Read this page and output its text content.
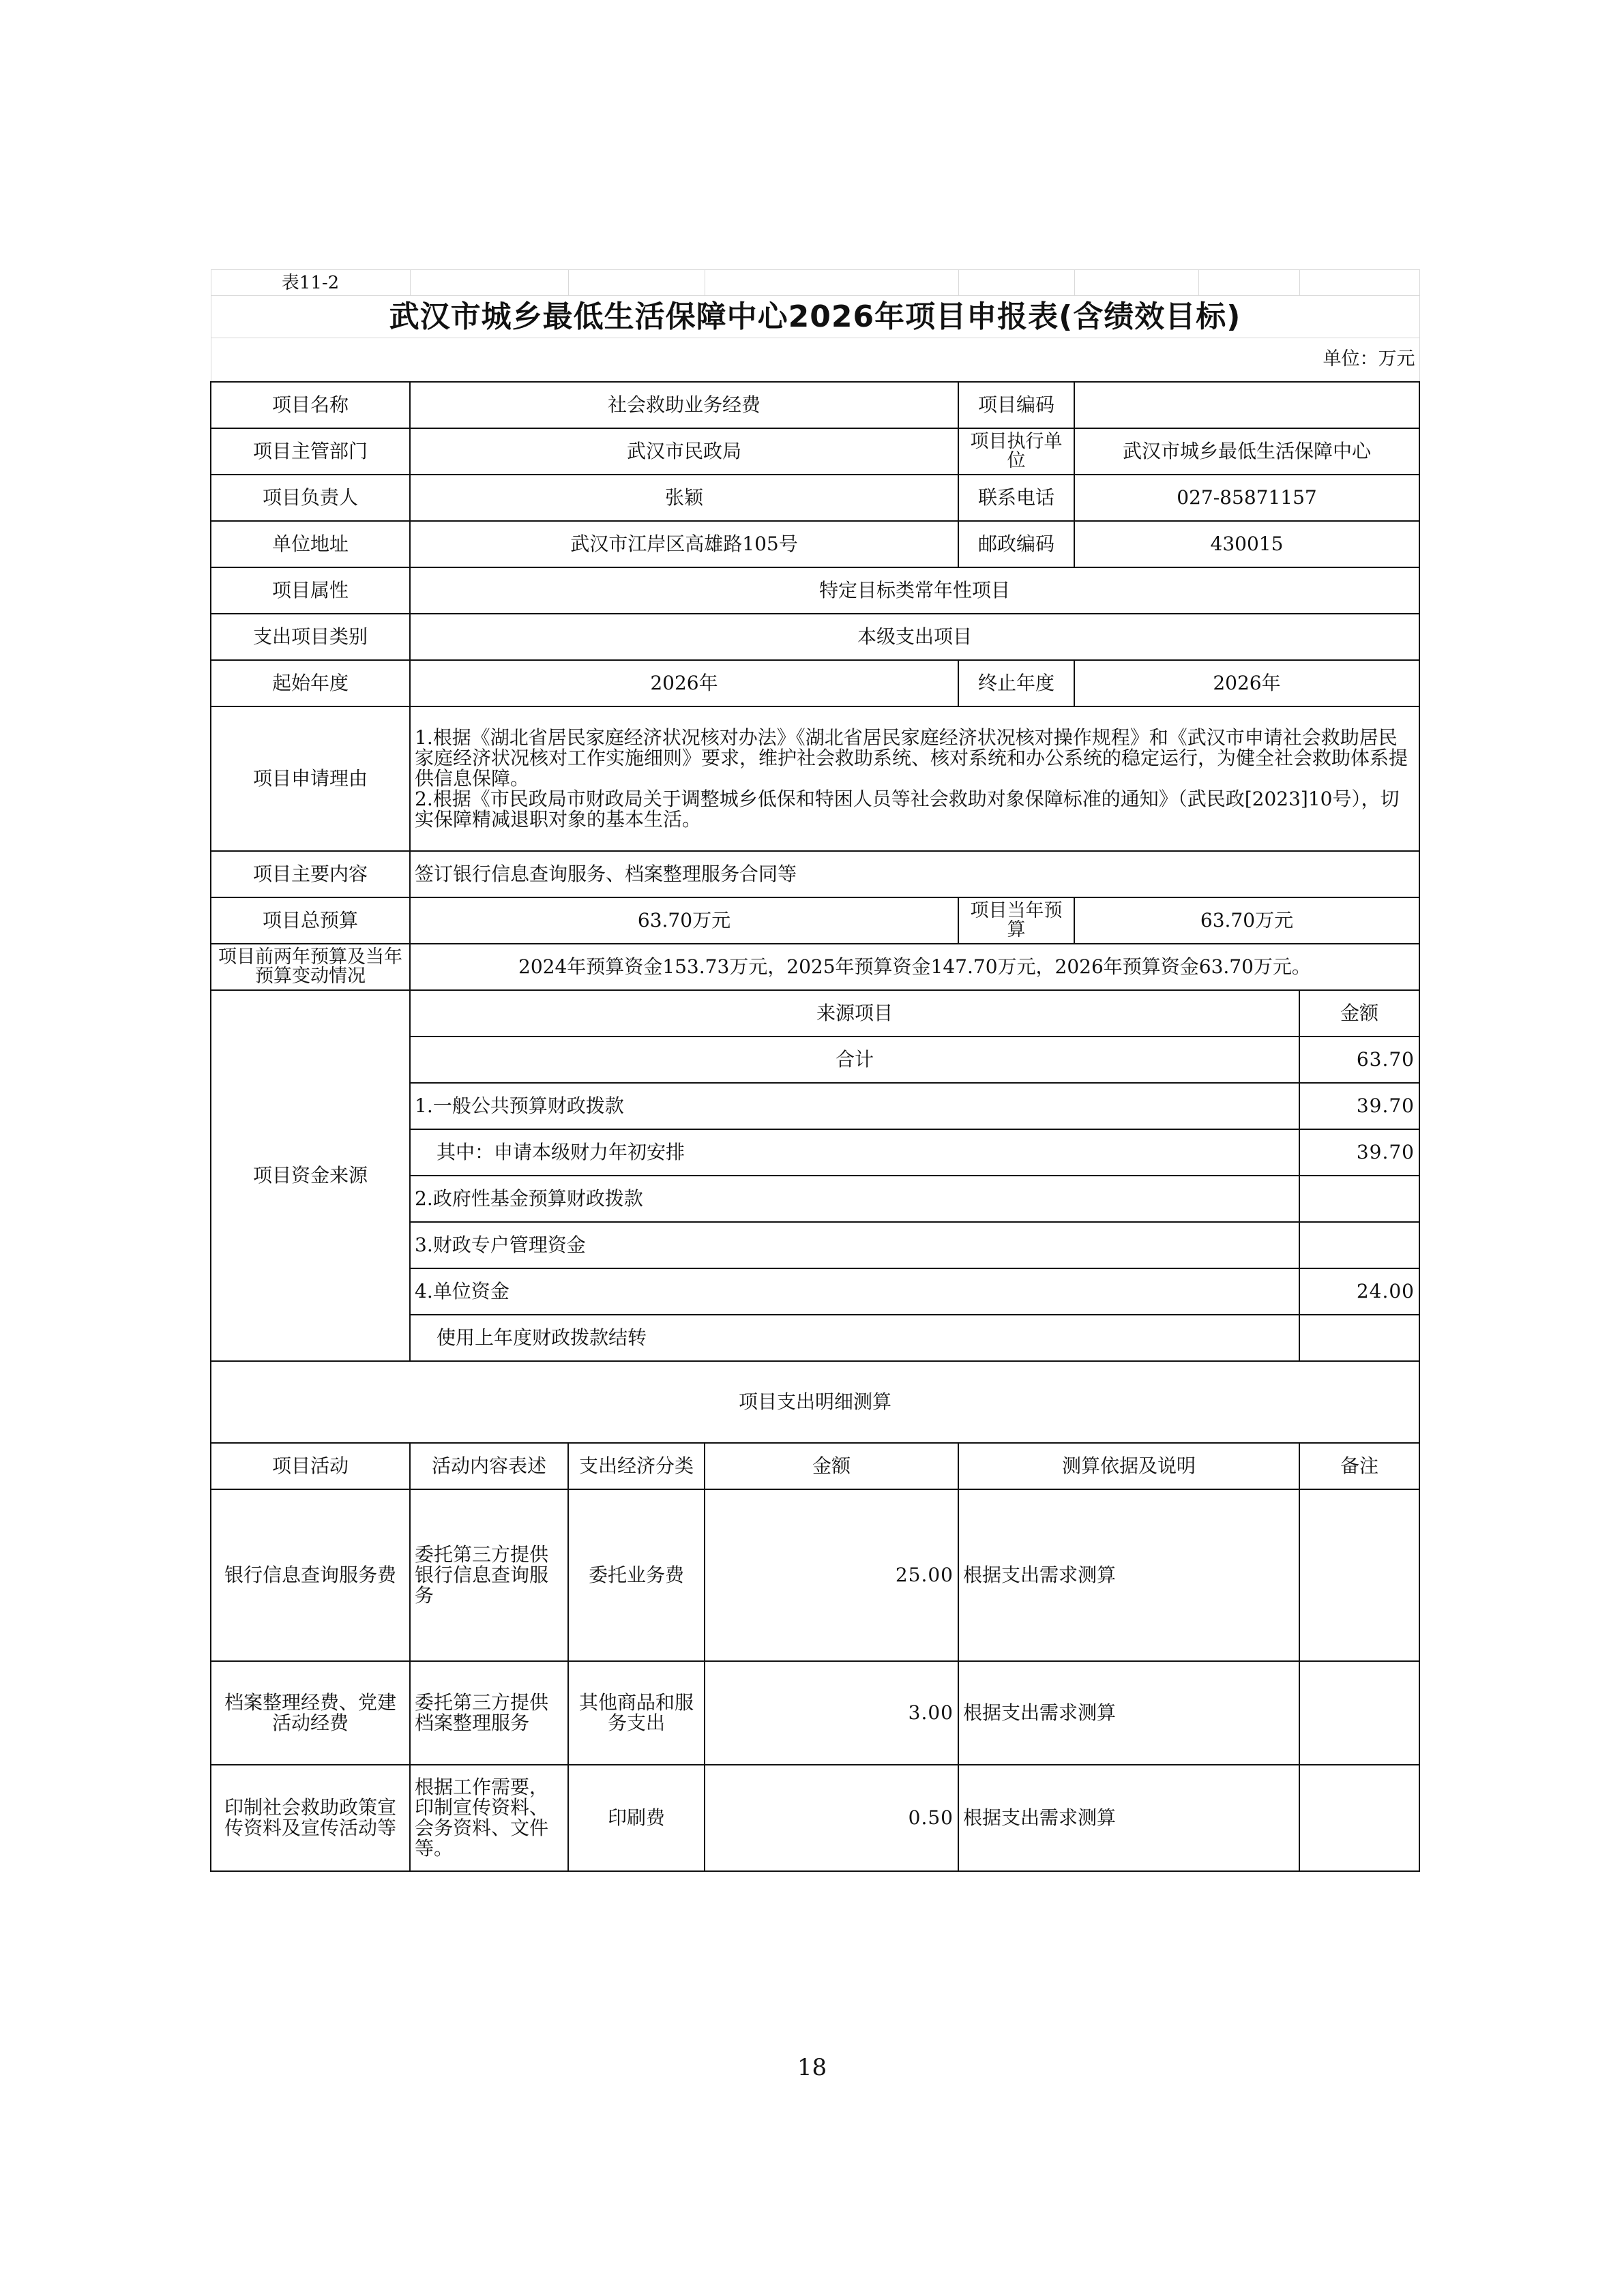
表11-2							
武汉市城乡最低生活保障中心2026年项目申报表(含绩效目标)							
单位：万元							
项目名称	社会救助业务经费			项目编码			
项目主管部门	武汉市民政局			项目执行单位	武汉市城乡最低生活保障中心		
项目负责人	张颖			联系电话	027-85871157		
单位地址	武汉市江岸区高雄路105号			邮政编码	430015		
项目属性	特定目标类常年性项目						
支出项目类别	本级支出项目						
起始年度	2026年			终止年度	2026年		
项目申请理由	1.根据《湖北省居民家庭经济状况核对办法》《湖北省居民家庭经济状况核对操作规程》和《武汉市申请社会救助居民家庭经济状况核对工作实施细则》要求，维护社会救助系统、核对系统和办公系统的稳定运行，为健全社会救助体系提供信息保障。
2.根据《市民政局市财政局关于调整城乡低保和特困人员等社会救助对象保障标准的通知》（武民政[2023]10号），切实保障精减退职对象的基本生活。						

项目主要内容	签订银行信息查询服务、档案整理服务合同等						
项目总预算	63.70万元			项目当年预算	63.70万元		
项目前两年预算及当年预算变动情况	2024年预算资金153.73万元，2025年预算资金147.70万元，2026年预算资金63.70万元。						
项目资金来源	来源项目						金额
	合计						63.70
	1.一般公共预算财政拨款						39.70
	其中：申请本级财力年初安排						39.70
	2.政府性基金预算财政拨款						
	3.财政专户管理资金						
	4.单位资金						24.00
	使用上年度财政拨款结转						
项目支出明细测算							
项目活动	活动内容表述	支出经济分类	金额	测算依据及说明			备注
银行信息查询服务费	委托第三方提供银行信息查询服务	委托业务费	25.00	根据支出需求测算			
档案整理经费、党建活动经费	委托第三方提供档案整理服务	其他商品和服务支出	3.00	根据支出需求测算			
印制社会救助政策宣传资料及宣传活动等	根据工作需要，印制宣传资料、会务资料、文件等。	印刷费	0.50	根据支出需求测算			
18
